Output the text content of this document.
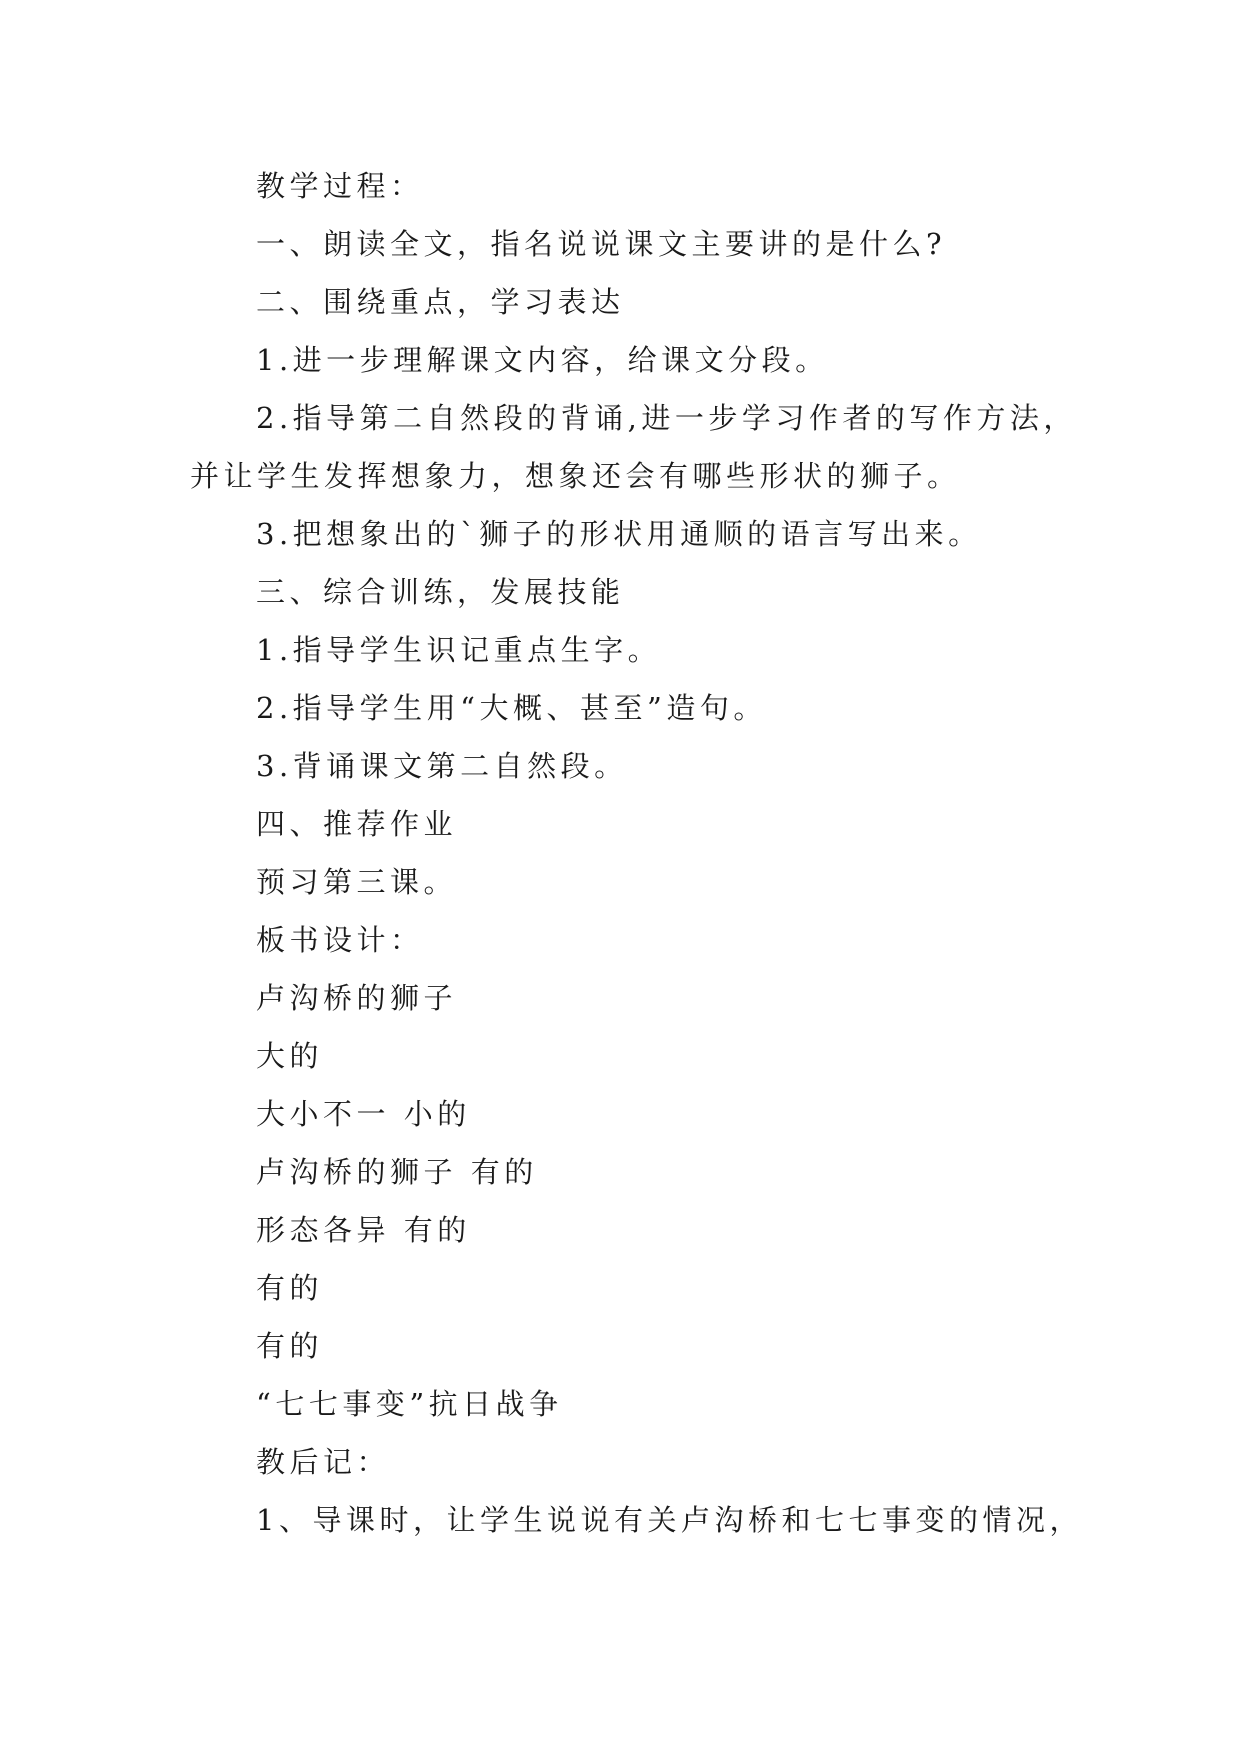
教学过程：
一、朗读全文，指名说说课文主要讲的是什么?
二、围绕重点，学习表达
1.进一步理解课文内容，给课文分段。
2.指导第二自然段的背诵,进一步学习作者的写作方法，
并让学生发挥想象力，想象还会有哪些形状的狮子。
3.把想象出的`狮子的形状用通顺的语言写出来。
三、综合训练，发展技能
1.指导学生识记重点生字。
2.指导学生用“大概、甚至”造句。
3.背诵课文第二自然段。
四、推荐作业
预习第三课。
板书设计：
卢沟桥的狮子
大的
大小不一 小的
卢沟桥的狮子 有的
形态各异 有的
有的
有的
“七七事变”抗日战争
教后记：
1、导课时，让学生说说有关卢沟桥和七七事变的情况，
